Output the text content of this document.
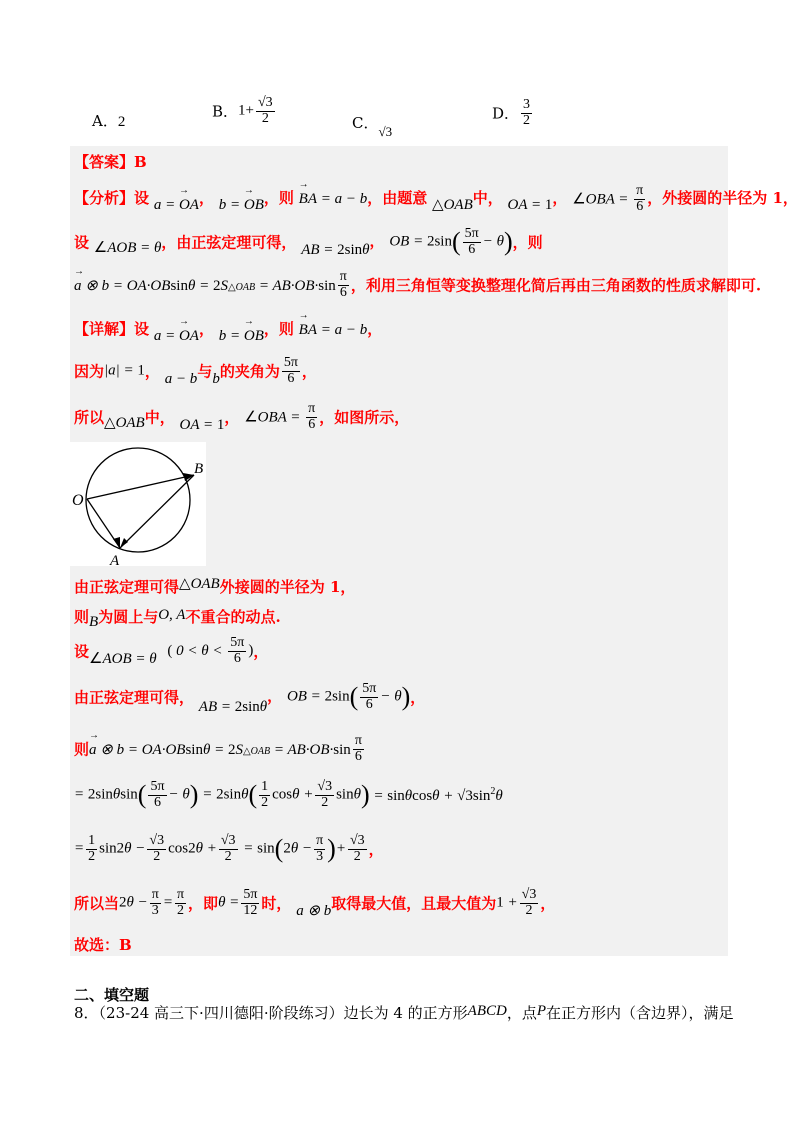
A．2
B．$1+ \frac{√3}{2}$	C．√3
D． $\frac{3}{2}$
【答案】B
【分析】设 a = → OA， b = → OB，则 → BA = a − b，由题意 △OAB中， OA = 1， ∠OBA = $\frac{\pi}{6}$ ，外接圆的半径为 1，
设 ∠AOB = θ，由正弦定理可得， AB = 2sinθ， OB = $2\sin( \frac{5\pi}{6} - \theta)$，则
→ a ⊗ b = OA·OBsinθ = 2S△OAB = $AB\cdot OB\cdot\sin \frac{\pi}{6}$ ，利用三角恒等变换整理化简后再由三角函数的性质求解即可.
【详解】设 a = → OA， b = → OB，则 → BA = a − b，
因为|a| = 1， a − b与b的夹角为 $\frac{5\pi}{6}$ ，
所以△OAB中， OA = 1， ∠OBA = $\frac{\pi}{6}$ ，如图所示，
O
B
A
由正弦定理可得△OAB外接圆的半径为 1，
则B为圆上与O, A不重合的动点.
设∠AOB = θ ( $0 < \theta < \frac{5\pi}{6}$ )，
由正弦定理可得， AB = 2sinθ， OB = $2\sin( \frac{5\pi}{6} - \theta)$，
则→ a ⊗ b = OA·OBsinθ = 2S△OAB = $AB\cdot OB\cdot\sin \frac{\pi}{6}$
= $2\sin\theta\sin( \frac{5\pi}{6} - \theta) = 2\sin\theta( \frac{1}{2}$ $\cos\theta + \frac{√3}{2} \sin\theta) = \sin\theta\cos\theta + √3\sin^2\theta$
= $\frac{1}{2} \sin 2\theta - \frac{√3}{2} \cos 2\theta + \frac{√3}{2} = \sin(2\theta - \frac{\pi}{3}$ )+ $\frac{√3}{2}$ ，
所以当$2\theta - \frac{\pi}{3} = \frac{\pi}{2}$ ，即$\theta = \frac{5\pi}{12}$ 时， a ⊗ b取得最大值，且最大值为$1 + \frac{√3}{2}$ ，
故选：B
二、填空题
8．（23-24 高三下·四川德阳·阶段练习）边长为 4 的正方形ABCD，点P在正方形内（含边界），满足
